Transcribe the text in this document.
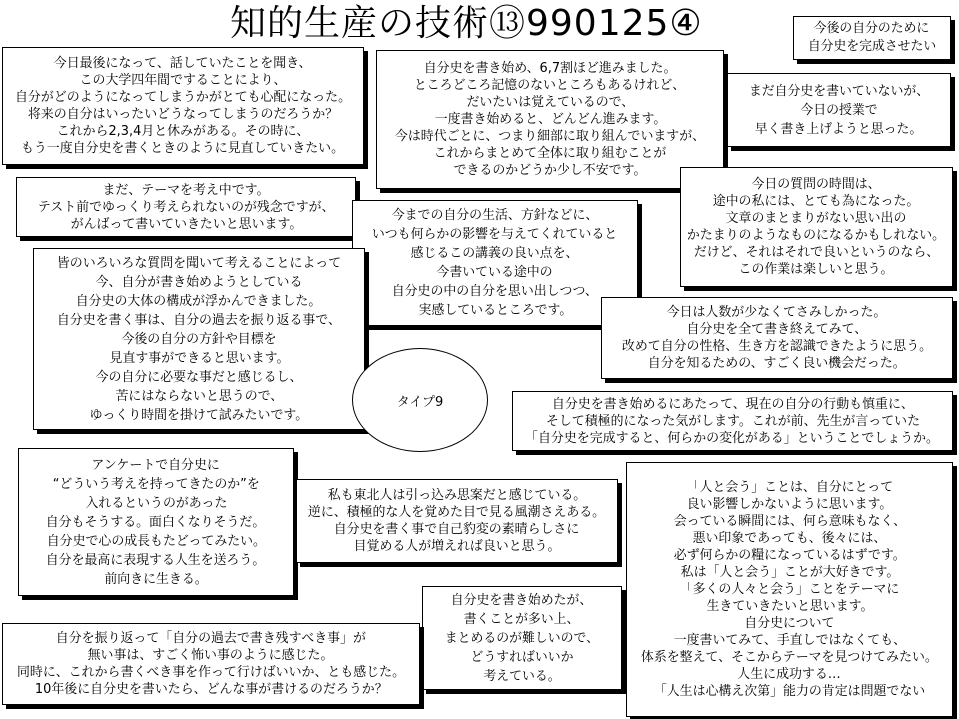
知的生産の技術⑬990125④	今後の自分のために
自分史を完成させたい
今日最後になって、話していたことを聞き、
この大学四年間ですることにより、
自分がどのようになってしまうかがとても心配になった。
将来の自分はいったいどうなってしまうのだろうか？
これから2,3,4月と休みがある。その時に、
もう一度自分史を書くときのように見直していきたい。
自分史を書き始め、6,7割ほど進みました。
ところどころ記憶のないところもあるけれど、
だいたいは覚えているので、
一度書き始めると、どんどん進みます。
今は時代ごとに、つまり細部に取り組んでいますが、
これからまとめて全体に取り組むことが
できるのかどうか少し不安です。
まだ自分史を書いていないが、
今日の授業で
早く書き上げようと思った。
まだ、テーマを考え中です。
テスト前でゆっくり考えられないのが残念ですが、
がんばって書いていきたいと思います。
今日の質問の時間は、
途中の私には、とても為になった。
文章のまとまりがない思い出の
かたまりのようなものになるかもしれない。
だけど、それはそれで良いというのなら、
この作業は楽しいと思う。
今までの自分の生活、方針などに、
いつも何らかの影響を与えてくれていると
感じるこの講義の良い点を、
今書いている途中の
自分史の中の自分を思い出しつつ、
実感しているところです。
皆のいろいろな質問を聞いて考えることによって
今、自分が書き始めようとしている
自分史の大体の構成が浮かんできました。
自分史を書く事は、自分の過去を振り返る事で、
今後の自分の方針や目標を
見直す事ができると思います。
今の自分に必要な事だと感じるし、
苦にはならないと思うので、
ゆっくり時間を掛けて試みたいです。
今日は人数が少なくてさみしかった。
自分史を全て書き終えてみて、
改めて自分の性格、生き方を認識できたように思う。
自分を知るための、すごく良い機会だった。
自分史を書き始めるにあたって、現在の自分の行動も慎重に、
そして積極的になった気がします。これが前、先生が言っていた
「自分史を完成すると、何らかの変化がある」ということでしょうか。
アンケートで自分史に
“どういう考えを持ってきたのか”を
入れるというのがあった
自分もそうする。面白くなりそうだ。
自分史で心の成長もたどってみたい。
自分を最高に表現する人生を送ろう。
前向きに生きる。
私も東北人は引っ込み思案だと感じている。
逆に、積極的な人を覚めた目で見る風潮さえある。
自分史を書く事で自己豹変の素晴らしさに
目覚める人が増えれば良いと思う。
「人と会う」ことは、自分にとって
良い影響しかないように思います。
会っている瞬間には、何ら意味もなく、
悪い印象であっても、後々には、
必ず何らかの糧になっているはずです。
私は「人と会う」ことが大好きです。
「多くの人々と会う」ことをテーマに
生きていきたいと思います。
自分史について
一度書いてみて、手直しではなくても、
体系を整えて、そこからテーマを見つけてみたい。
人生に成功する…
「人生は心構え次第」能力の肯定は問題でない
自分史を書き始めたが、
書くことが多い上、
まとめるのが難しいので、
どうすればいいか
考えている。
自分を振り返って「自分の過去で書き残すべき事」が
無い事は、すごく怖い事のように感じた。
同時に、これから書くべき事を作って行けばいいか、とも感じた。
10年後に自分史を書いたら、どんな事が書けるのだろうか？
タイプ9
